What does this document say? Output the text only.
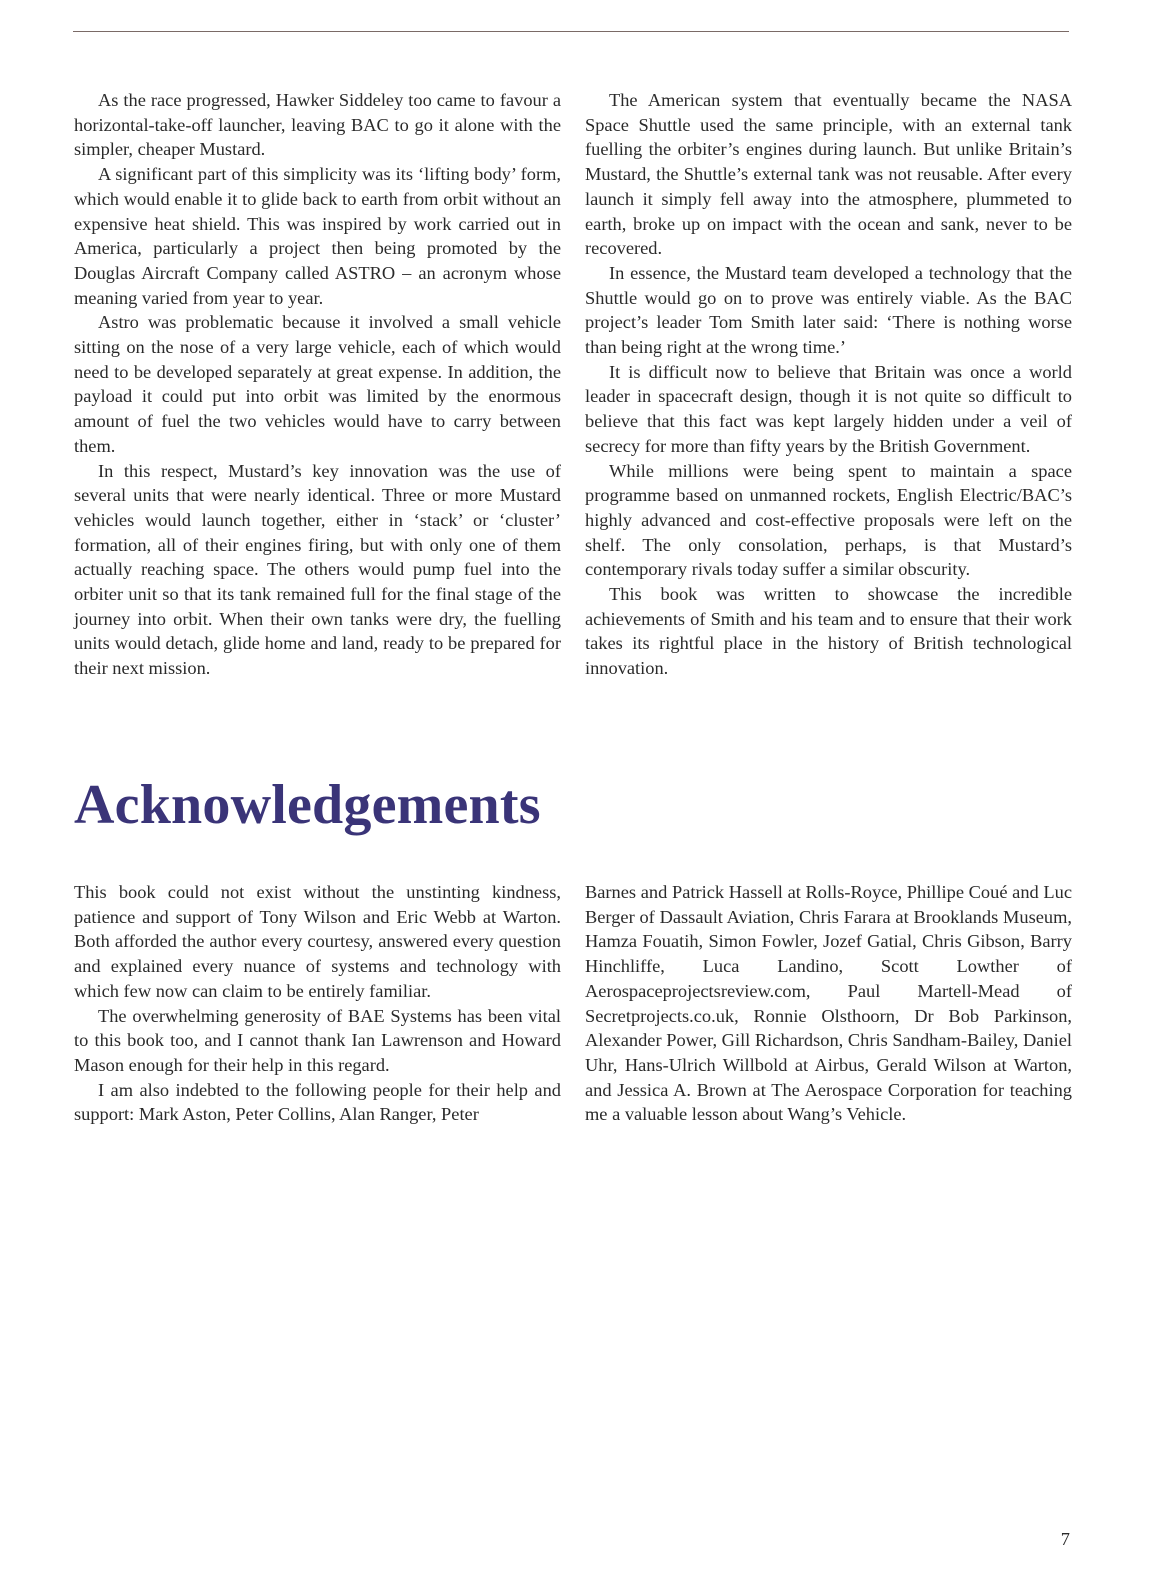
As the race progressed, Hawker Siddeley too came to favour a horizontal-take-off launcher, leaving BAC to go it alone with the simpler, cheaper Mustard.

A significant part of this simplicity was its ‘lifting body’ form, which would enable it to glide back to earth from orbit without an expensive heat shield. This was inspired by work carried out in America, particularly a project then being promoted by the Douglas Aircraft Company called ASTRO – an acronym whose meaning varied from year to year.

Astro was problematic because it involved a small vehicle sitting on the nose of a very large vehicle, each of which would need to be developed separately at great expense. In addition, the payload it could put into orbit was limited by the enormous amount of fuel the two vehicles would have to carry between them.

In this respect, Mustard’s key innovation was the use of several units that were nearly identical. Three or more Mustard vehicles would launch together, either in ‘stack’ or ‘cluster’ formation, all of their engines firing, but with only one of them actually reaching space. The others would pump fuel into the orbiter unit so that its tank remained full for the final stage of the journey into orbit. When their own tanks were dry, the fuelling units would detach, glide home and land, ready to be prepared for their next mission.

The American system that eventually became the NASA Space Shuttle used the same principle, with an external tank fuelling the orbiter’s engines during launch. But unlike Britain’s Mustard, the Shuttle’s external tank was not reusable. After every launch it simply fell away into the atmosphere, plummeted to earth, broke up on impact with the ocean and sank, never to be recovered.

In essence, the Mustard team developed a technology that the Shuttle would go on to prove was entirely viable. As the BAC project’s leader Tom Smith later said: ‘There is nothing worse than being right at the wrong time.’

It is difficult now to believe that Britain was once a world leader in spacecraft design, though it is not quite so difficult to believe that this fact was kept largely hidden under a veil of secrecy for more than fifty years by the British Government.

While millions were being spent to maintain a space programme based on unmanned rockets, English Electric/BAC’s highly advanced and cost-effective proposals were left on the shelf. The only consolation, perhaps, is that Mustard’s contemporary rivals today suffer a similar obscurity.

This book was written to showcase the incredible achievements of Smith and his team and to ensure that their work takes its rightful place in the history of British technological innovation.

Acknowledgements

This book could not exist without the unstinting kindness, patience and support of Tony Wilson and Eric Webb at Warton. Both afforded the author every courtesy, answered every question and explained every nuance of systems and technology with which few now can claim to be entirely familiar.

The overwhelming generosity of BAE Systems has been vital to this book too, and I cannot thank Ian Lawrenson and Howard Mason enough for their help in this regard.

I am also indebted to the following people for their help and support: Mark Aston, Peter Collins, Alan Ranger, Peter

Barnes and Patrick Hassell at Rolls-Royce, Phillipe Coué and Luc Berger of Dassault Aviation, Chris Farara at Brooklands Museum, Hamza Fouatih, Simon Fowler, Jozef Gatial, Chris Gibson, Barry Hinchliffe, Luca Landino, Scott Lowther of Aerospaceprojectsreview.com, Paul Martell-Mead of Secretprojects.co.uk, Ronnie Olsthoorn, Dr Bob Parkinson, Alexander Power, Gill Richardson, Chris Sandham-Bailey, Daniel Uhr, Hans-Ulrich Willbold at Airbus, Gerald Wilson at Warton, and Jessica A. Brown at The Aerospace Corporation for teaching me a valuable lesson about Wang’s Vehicle.

7
